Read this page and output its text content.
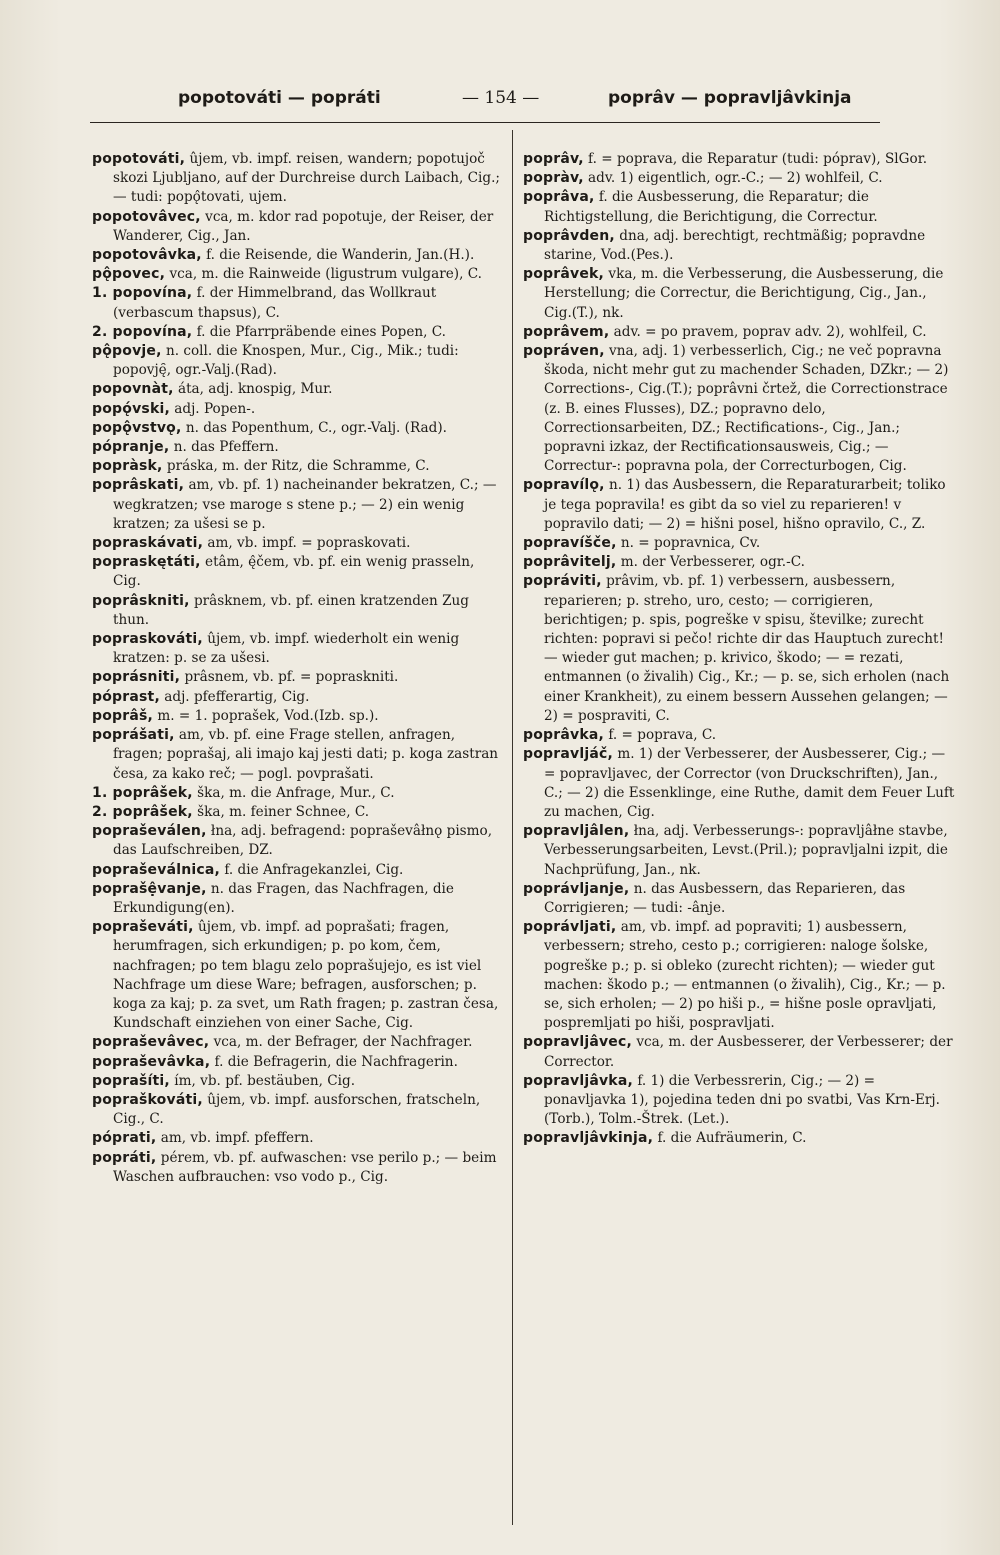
popotováti — popráti	— 154 —	poprâv — popravljâvkinja
popotováti, ûjem, vb. impf. reisen, wandern; popotujoč skozi Ljubljano, auf der Durchreise durch Laibach, Cig.; — tudi: popǫ̂tovati, ujem.
popotovâvec, vca, m. kdor rad popotuje, der Reiser, der Wanderer, Cig., Jan.
popotovâvka, f. die Reisende, die Wanderin, Jan.(H.).
pǫ̂povec, vca, m. die Rainweide (ligustrum vulgare), C.
1. popovína, f. der Himmelbrand, das Wollkraut (verbascum thapsus), C.
2. popovína, f. die Pfarrpräbende eines Popen, C.
pǫ̂povje, n. coll. die Knospen, Mur., Cig., Mik.; tudi: popovję̑, ogr.-Valj.(Rad).
popovnàt, áta, adj. knospig, Mur.
popǫ́vski, adj. Popen-.
popǫ̂vstvǫ, n. das Popenthum, C., ogr.-Valj. (Rad).
pópranje, n. das Pfeffern.
popràsk, práska, m. der Ritz, die Schramme, C.
poprâskati, am, vb. pf. 1) nacheinander bekratzen, C.; — wegkratzen; vse maroge s stene p.; — 2) ein wenig kratzen; za ušesi se p.
popraskávati, am, vb. impf. = popraskovati.
popraskętáti, etâm, ę̂čem, vb. pf. ein wenig prasseln, Cig.
poprâskniti, prâsknem, vb. pf. einen kratzenden Zug thun.
popraskováti, ûjem, vb. impf. wiederholt ein wenig kratzen: p. se za ušesi.
poprásniti, prâsnem, vb. pf. = popraskniti.
póprast, adj. pfefferartig, Cig.
poprâš, m. = 1. poprašek, Vod.(Izb. sp.).
poprášati, am, vb. pf. eine Frage stellen, anfragen, fragen; poprašaj, ali imajo kaj jesti dati; p. koga zastran česa, za kako reč; — pogl. povprašati.
1. poprâšek, ška, m. die Anfrage, Mur., C.
2. poprâšek, ška, m. feiner Schnee, C.
popraševálen, łna, adj. befragend: popraševâłnǫ pismo, das Laufschreiben, DZ.
popraševálnica, f. die Anfragekanzlei, Cig.
poprašệvanje, n. das Fragen, das Nachfragen, die Erkundigung(en).
popraševáti, ûjem, vb. impf. ad poprašati; fragen, herumfragen, sich erkundigen; p. po kom, čem, nachfragen; po tem blagu zelo poprašujejo, es ist viel Nachfrage um diese Ware; befragen, ausforschen; p. koga za kaj; p. za svet, um Rath fragen; p. zastran česa, Kundschaft einziehen von einer Sache, Cig.
popraševâvec, vca, m. der Befrager, der Nachfrager.
popraševâvka, f. die Befragerin, die Nachfragerin.
poprašíti, ím, vb. pf. bestäuben, Cig.
popraškováti, ûjem, vb. impf. ausforschen, fratscheln, Cig., C.
póprati, am, vb. impf. pfeffern.
popráti, pérem, vb. pf. aufwaschen: vse perilo p.; — beim Waschen aufbrauchen: vso vodo p., Cig.
poprâv, f. = poprava, die Reparatur (tudi: póprav), SlGor.
popràv, adv. 1) eigentlich, ogr.-C.; — 2) wohlfeil, C.
poprâva, f. die Ausbesserung, die Reparatur; die Richtigstellung, die Berichtigung, die Correctur.
poprâvden, dna, adj. berechtigt, rechtmäßig; popravdne starine, Vod.(Pes.).
poprâvek, vka, m. die Verbesserung, die Ausbesserung, die Herstellung; die Correctur, die Berichtigung, Cig., Jan., Cig.(T.), nk.
poprâvem, adv. = po pravem, poprav adv. 2), wohlfeil, C.
popráven, vna, adj. 1) verbesserlich, Cig.; ne več popravna škoda, nicht mehr gut zu machender Schaden, DZkr.; — 2) Corrections-, Cig.(T.); poprâvni črtež, die Correctionstrace (z. B. eines Flusses), DZ.; popravno delo, Correctionsarbeiten, DZ.; Rectifications-, Cig., Jan.; popravni izkaz, der Rectificationsausweis, Cig.; — Correctur-: popravna pola, der Correcturbogen, Cig.
popravílǫ, n. 1) das Ausbessern, die Reparaturarbeit; toliko je tega popravila! es gibt da so viel zu reparieren! v popravilo dati; — 2) = hišni posel, hišno opravilo, C., Z.
popravíšče, n. = popravnica, Cv.
poprâvitelj, m. der Verbesserer, ogr.-C.
popráviti, prâvim, vb. pf. 1) verbessern, ausbessern, reparieren; p. streho, uro, cesto; — corrigieren, berichtigen; p. spis, pogreške v spisu, številke; zurecht richten: popravi si pečo! richte dir das Hauptuch zurecht! — wieder gut machen; p. krivico, škodo; — = rezati, entmannen (o živalih) Cig., Kr.; — p. se, sich erholen (nach einer Krankheit), zu einem bessern Aussehen gelangen; — 2) = pospraviti, C.
poprâvka, f. = poprava, C.
popravljáč, m. 1) der Verbesserer, der Ausbesserer, Cig.; — = popravljavec, der Corrector (von Druckschriften), Jan., C.; — 2) die Essenklinge, eine Ruthe, damit dem Feuer Luft zu machen, Cig.
popravljâlen, łna, adj. Verbesserungs-: popravljâłne stavbe, Verbesserungsarbeiten, Levst.(Pril.); popravljalni izpit, die Nachprüfung, Jan., nk.
poprávljanje, n. das Ausbessern, das Reparieren, das Corrigieren; — tudi: -ânje.
poprávljati, am, vb. impf. ad popraviti; 1) ausbessern, verbessern; streho, cesto p.; corrigieren: naloge šolske, pogreške p.; p. si obleko (zurecht richten); — wieder gut machen: škodo p.; — entmannen (o živalih), Cig., Kr.; — p. se, sich erholen; — 2) po hiši p., = hišne posle opravljati, pospremljati po hiši, pospravljati.
popravljâvec, vca, m. der Ausbesserer, der Verbesserer; der Corrector.
popravljâvka, f. 1) die Verbessrerin, Cig.; — 2) = ponavljavka 1), pojedina teden dni po svatbi, Vas Krn-Erj.(Torb.), Tolm.-Štrek. (Let.).
popravljâvkinja, f. die Aufräumerin, C.
